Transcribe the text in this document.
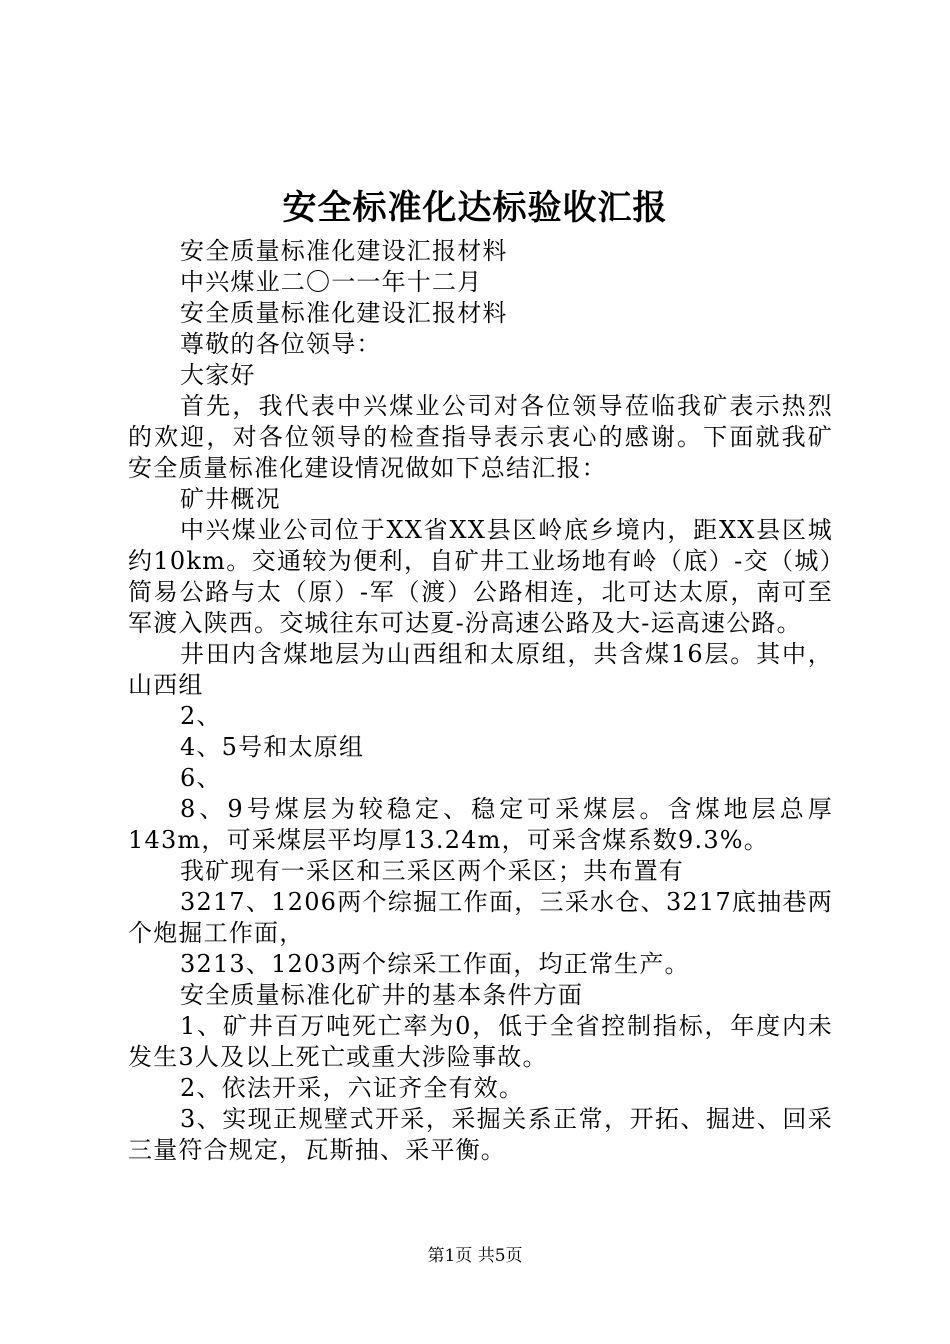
安全标准化达标验收汇报

安全质量标准化建设汇报材料

中兴煤业二〇一一年十二月

安全质量标准化建设汇报材料

尊敬的各位领导：

大家好

首先，我代表中兴煤业公司对各位领导莅临我矿表示热烈的欢迎，对各位领导的检查指导表示衷心的感谢。下面就我矿安全质量标准化建设情况做如下总结汇报：

矿井概况

中兴煤业公司位于XX省XX县区岭底乡境内，距XX县区城约10km。交通较为便利，自矿井工业场地有岭（底）-交（城）简易公路与太（原）-军（渡）公路相连，北可达太原，南可至军渡入陕西。交城往东可达夏-汾高速公路及大-运高速公路。

井田内含煤地层为山西组和太原组，共含煤16层。其中，山西组

2、

4、5号和太原组

6、

8、9号煤层为较稳定、稳定可采煤层。含煤地层总厚143m，可采煤层平均厚13.24m，可采含煤系数9.3%。

我矿现有一采区和三采区两个采区；共布置有

3217、1206两个综掘工作面，三采水仓、3217底抽巷两个炮掘工作面，

3213、1203两个综采工作面，均正常生产。

安全质量标准化矿井的基本条件方面

1、矿井百万吨死亡率为0，低于全省控制指标，年度内未发生3人及以上死亡或重大涉险事故。

2、依法开采，六证齐全有效。

3、实现正规壁式开采，采掘关系正常，开拓、掘进、回采三量符合规定，瓦斯抽、采平衡。

第1页 共5页
